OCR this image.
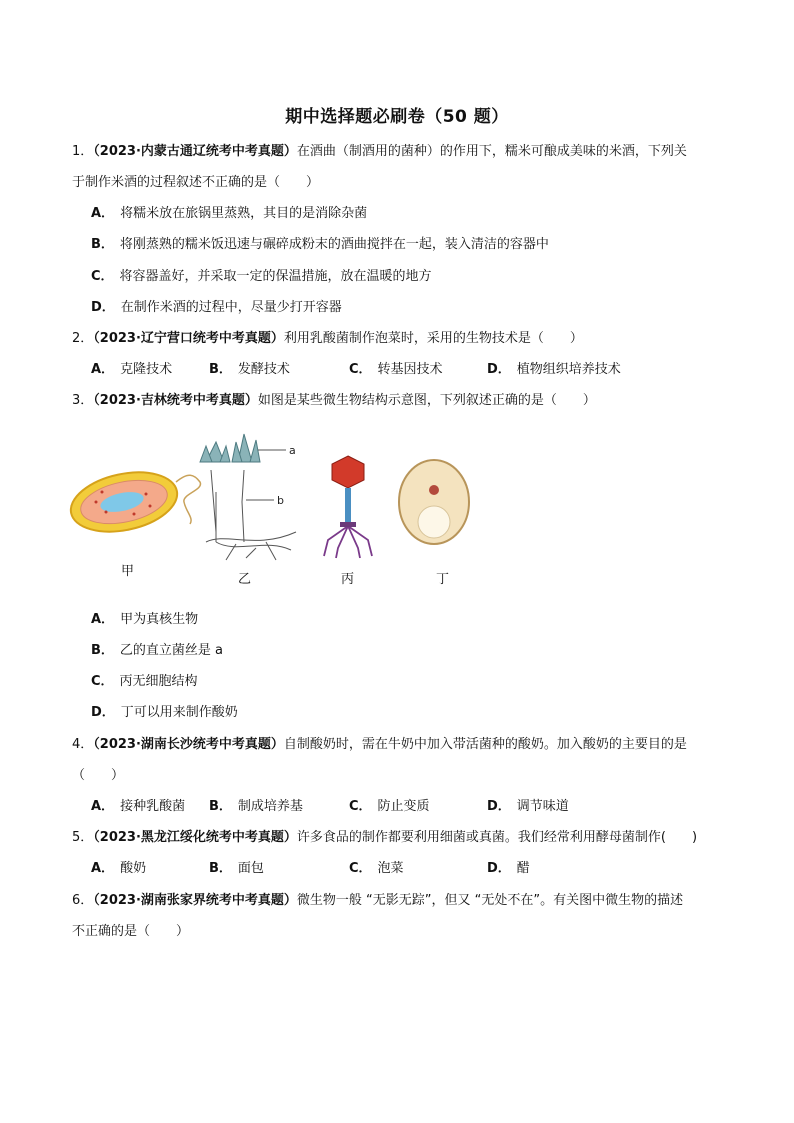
期中选择题必刷卷（50 题）
1．（2023·内蒙古通辽统考中考真题）在酒曲（制酒用的菌种）的作用下，糯米可酿成美味的米酒，下列关
于制作米酒的过程叙述不正确的是（　　）
A． 将糯米放在旅锅里蒸熟，其目的是消除杂菌
B． 将刚蒸熟的糯米饭迅速与碾碎成粉末的酒曲搅拌在一起，装入清洁的容器中
C． 将容器盖好，并采取一定的保温措施，放在温暖的地方
D． 在制作米酒的过程中，尽量少打开容器
2．（2023·辽宁营口统考中考真题）利用乳酸菌制作泡菜时，采用的生物技术是（　　）
A． 克隆技术	B． 发酵技术	C． 转基因技术	D． 植物组织培养技术
3．（2023·吉林统考中考真题）如图是某些微生物结构示意图，下列叙述正确的是（　　）
a
b
甲
乙	丙	丁
A． 甲为真核生物
B． 乙的直立菌丝是 a
C． 丙无细胞结构
D． 丁可以用来制作酸奶
4．（2023·湖南长沙统考中考真题）自制酸奶时，需在牛奶中加入带活菌种的酸奶。加入酸奶的主要目的是
（　　）
A． 接种乳酸菌 B． 制成培养基	C． 防止变质	D． 调节味道
5．（2023·黑龙江绥化统考中考真题）许多食品的制作都要利用细菌或真菌。我们经常利用酵母菌制作(　　)
A． 酸奶	B． 面包	C． 泡菜	D． 醋
6．（2023·湖南张家界统考中考真题）微生物一般 “无影无踪”，但又 “无处不在”。有关图中微生物的描述
不正确的是（　　）
